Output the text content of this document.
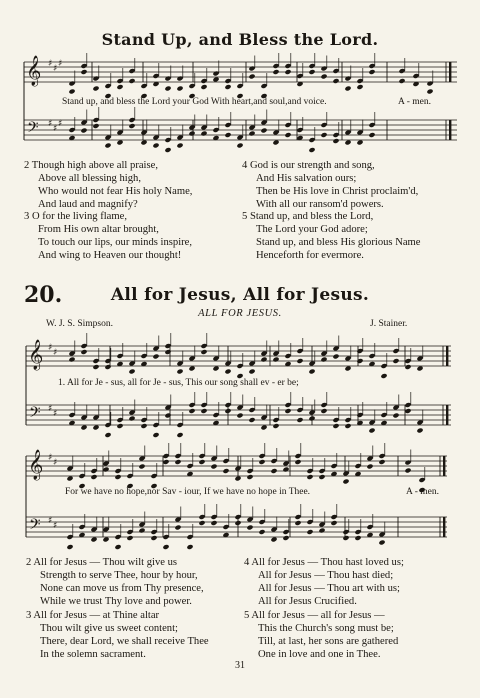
Stand Up, and Bless the Lord.
𝄞 ♯ ♯ ♯
𝄢 ♯ ♯ ♯
𝄞 ♯ ♯
𝄢 ♯ ♯
𝄞 ♯ ♯
𝄢 ♯ ♯
Stand up, and bless the Lord your God With heart,and soul,and voice.	A - men.
2 Though high above all praise,
Above all blessing high,
Who would not fear His holy Name,
And laud and magnify?
3 O for the living flame,
From His own altar brought,
To touch our lips, our minds inspire,
And wing to Heaven our thought!
4 God is our strength and song,
And His salvation ours;
Then be His love in Christ proclaim'd,
With all our ransom'd powers.
5 Stand up, and bless the Lord,
The Lord your God adore;
Stand up, and bless His glorious Name
Henceforth for evermore.
20.	All for Jesus, All for Jesus.
ALL FOR JESUS.
W. J. S. Simpson.	J. Stainer.
1. All for Je - sus, all for Je - sus, This our song shall ev - er be;
For we have no hope,nor Sav - iour, If we have no hope in Thee.	A - men.
2 All for Jesus — Thou wilt give us
Strength to serve Thee, hour by hour,
None can move us from Thy presence,
While we trust Thy love and power.
3 All for Jesus — at Thine altar
Thou wilt give us sweet content;
There, dear Lord, we shall receive Thee
In the solemn sacrament.
4 All for Jesus — Thou hast loved us;
All for Jesus — Thou hast died;
All for Jesus — Thou art with us;
All for Jesus Crucified.
5 All for Jesus — all for Jesus —
This the Church's song must be;
Till, at last, her sons are gathered
One in love and one in Thee.
31
